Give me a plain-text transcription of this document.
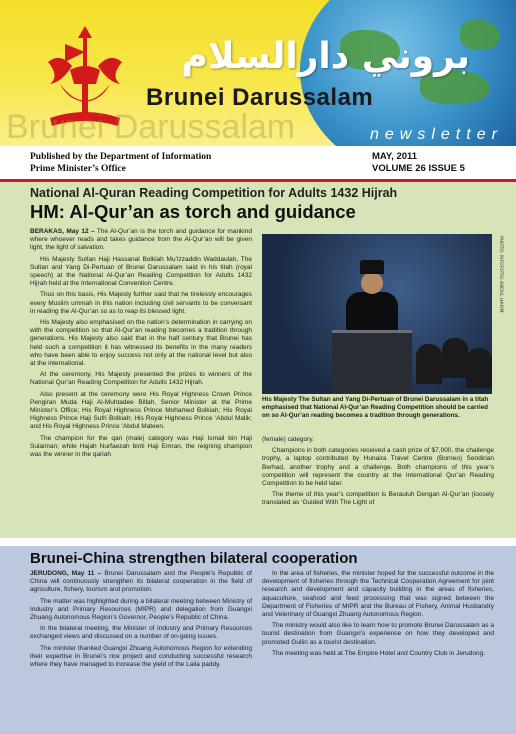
بروني دارالسلام
Brunei Darussalam
Brunei Darussalam	newsletter
Published by the Department of Information
Prime Minister’s Office
MAY, 2011
VOLUME 26 ISSUE 5
National Al-Quran Reading Competition for Adults 1432 Hijrah
HM: Al-Qur’an as torch and guidance

BERAKAS, May 12 – The Al-Qur’an is the torch and guidance for mankind where whoever reads and takes guidance from the Al-Qur’an will be given light, the light of salvation.

His Majesty Sultan Haji Hassanal Bolkiah Mu’izzaddin Waddaulah, The Sultan and Yang Di-Pertuan of Brunei Darussalam said in his titah (royal speech) at the National Al-Qur’an Reading Competition for Adults 1432 Hijrah held at the International Convention Centre.

Thus on this basis, His Majesty further said that he tirelessly encourages every Muslim ummah in this nation including civil servants to be conversant in reading the Al-Qur’an so as to reap its blessed light.

His Majesty also emphasised on the nation’s determination in carrying on with the competition so that Al-Qur’an reading becomes a tradition through generations. His Majesty also said that in the half century that Brunei has held such a competition it has witnessed its benefits in the many readers who have been able to enjoy success not only at the national level but also at the international.

At the ceremony, His Majesty presented the prizes to winners of the National Qur’an Reading Competition for Adults 1432 Hijrah.

Also present at the ceremony were His Royal Highness Crown Prince Pengiran Muda Haji Al-Muhtadee Billah, Senior Minister at the Prime Minister’s Office; His Royal Highness Prince Mohamed Bolkiah; His Royal Highness Prince Haji Sufri Bolkiah; His Royal Highness Prince ‘Abdul Malik; and His Royal Highness Prince ‘Abdul Mateen.

The champion for the qari (male) category was Haji Ismail bin Haji Sulaiman; while Hajah Nurfaezah binti Haji Emran, the reigning champion was the winner in the qariah

PHOTO: INFOFOTO/ ABDUL HAKIM
His Majesty The Sultan and Yang Di-Pertuan of Brunei Darussalam in a titah emphasised that National Al-Qur’an Reading Competition should be carried on so Al-Qur’an reading becomes a tradition through generations.

(female) category.

Champions in both categories received a cash prize of $7,000, the challenge trophy, a laptop contributed by Hunaira Travel Centre (Borneo) Sendirian Berhad, another trophy and a challenge. Both champions of this year’s competition will represent the country at the International Qur’an Reading Competition to be held later.

The theme of this year’s competition is Berauluh Dengan Al-Qur’an (loosely translated as ‘Guided With The Light of

Brunei-China strengthen bilateral cooperation

JERUDONG, May 11 – Brunei Darussalam and the People’s Republic of China will continuously strengthen its bilateral cooperation in the field of agriculture, fishery, tourism and promotion.

The matter was highlighted during a bilateral meeting between Ministry of Industry and Primary Resources (MIPR) and delegation from Guangxi Zhuang Autonomous Region’s Governor, People’s Republic of China.

In the bilateral meeting, the Minister of Industry and Primary Resources exchanged views and discussed on a number of on-going issues.

The minister thanked Guangxi Zhuang Autonomous Region for extending their expertise in Brunei’s rice project and conducting successful research where they have managed to increase the yield of the Laila paddy.

In the area of fisheries, the minister hoped for the successful outcome in the development of fisheries through the Technical Cooperation Agreement for joint research and development and capacity building in the areas of fisheries, aquaculture, seafood and feed processing that was signed between the Department of Fisheries of MIPR and the Bureau of Fishery, Animal Husbandry and Veterinary of Guangxi Zhuang Autonomous Region.

The ministry would also like to learn how to promote Brunei Darussalam as a tourist destination from Guangxi’s experience on how they developed and promoted Guilin as a tourist destination.

The meeting was held at The Empire Hotel and Country Club in Jerudong.
